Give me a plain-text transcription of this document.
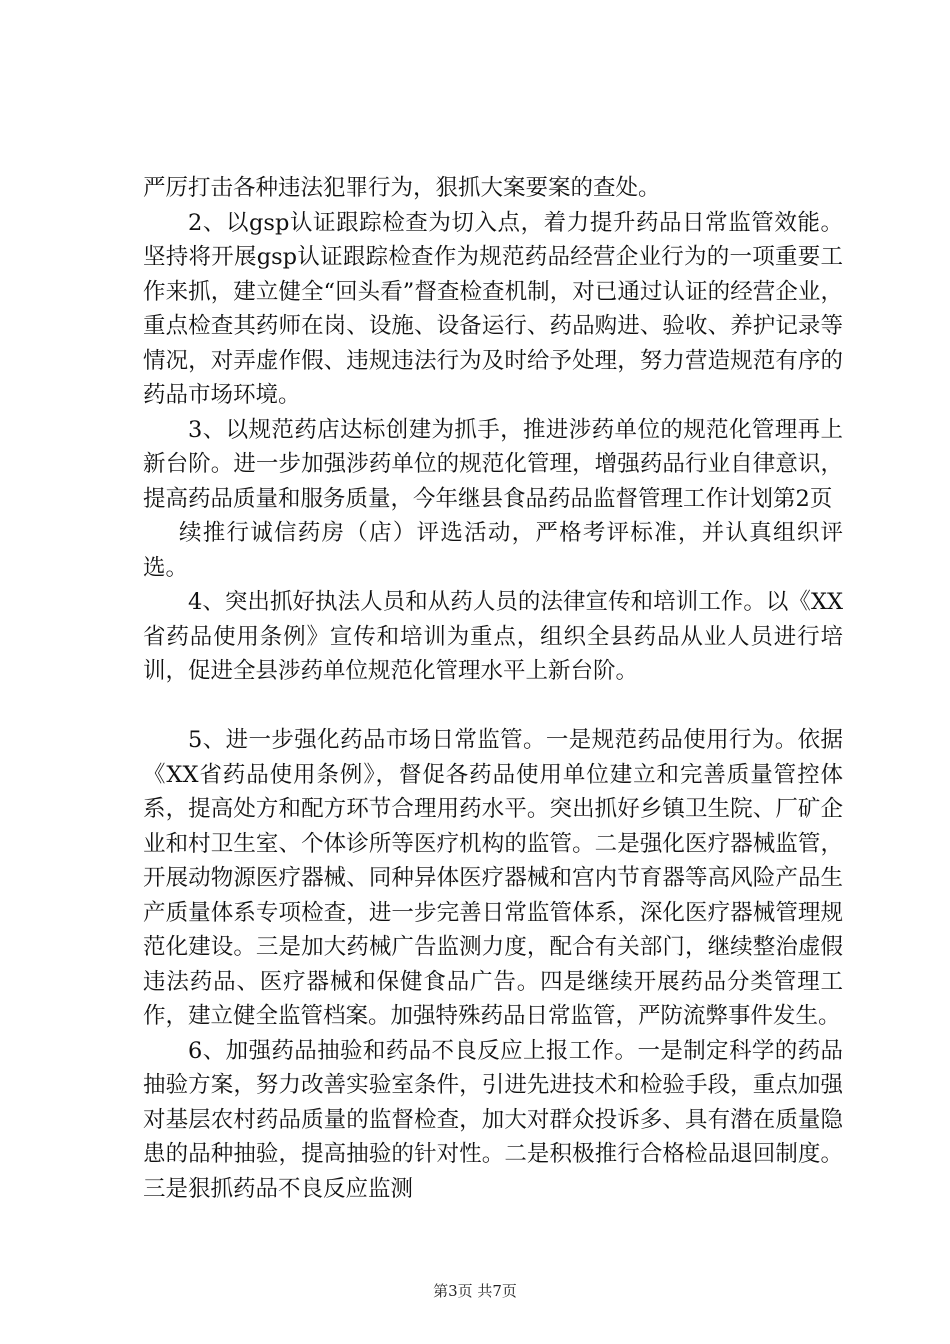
严厉打击各种违法犯罪行为，狠抓大案要案的查处。

2、以gsp认证跟踪检查为切入点，着力提升药品日常监管效能。坚持将开展gsp认证跟踪检查作为规范药品经营企业行为的一项重要工作来抓，建立健全“回头看”督查检查机制，对已通过认证的经营企业，重点检查其药师在岗、设施、设备运行、药品购进、验收、养护记录等情况，对弄虚作假、违规违法行为及时给予处理，努力营造规范有序的药品市场环境。

3、以规范药店达标创建为抓手，推进涉药单位的规范化管理再上新台阶。进一步加强涉药单位的规范化管理，增强药品行业自律意识，提高药品质量和服务质量，今年继县食品药品监督管理工作计划第2页

续推行诚信药房（店）评选活动，严格考评标准，并认真组织评选。

4、突出抓好执法人员和从药人员的法律宣传和培训工作。以《XX省药品使用条例》宣传和培训为重点，组织全县药品从业人员进行培训，促进全县涉药单位规范化管理水平上新台阶。

5、进一步强化药品市场日常监管。一是规范药品使用行为。依据《XX省药品使用条例》，督促各药品使用单位建立和完善质量管控体系，提高处方和配方环节合理用药水平。突出抓好乡镇卫生院、厂矿企业和村卫生室、个体诊所等医疗机构的监管。二是强化医疗器械监管，开展动物源医疗器械、同种异体医疗器械和宫内节育器等高风险产品生产质量体系专项检查，进一步完善日常监管体系，深化医疗器械管理规范化建设。三是加大药械广告监测力度，配合有关部门，继续整治虚假违法药品、医疗器械和保健食品广告。四是继续开展药品分类管理工作，建立健全监管档案。加强特殊药品日常监管，严防流弊事件发生。

6、加强药品抽验和药品不良反应上报工作。一是制定科学的药品抽验方案，努力改善实验室条件，引进先进技术和检验手段，重点加强对基层农村药品质量的监督检查，加大对群众投诉多、具有潜在质量隐患的品种抽验，提高抽验的针对性。二是积极推行合格检品退回制度。三是狠抓药品不良反应监测

第3页 共7页
